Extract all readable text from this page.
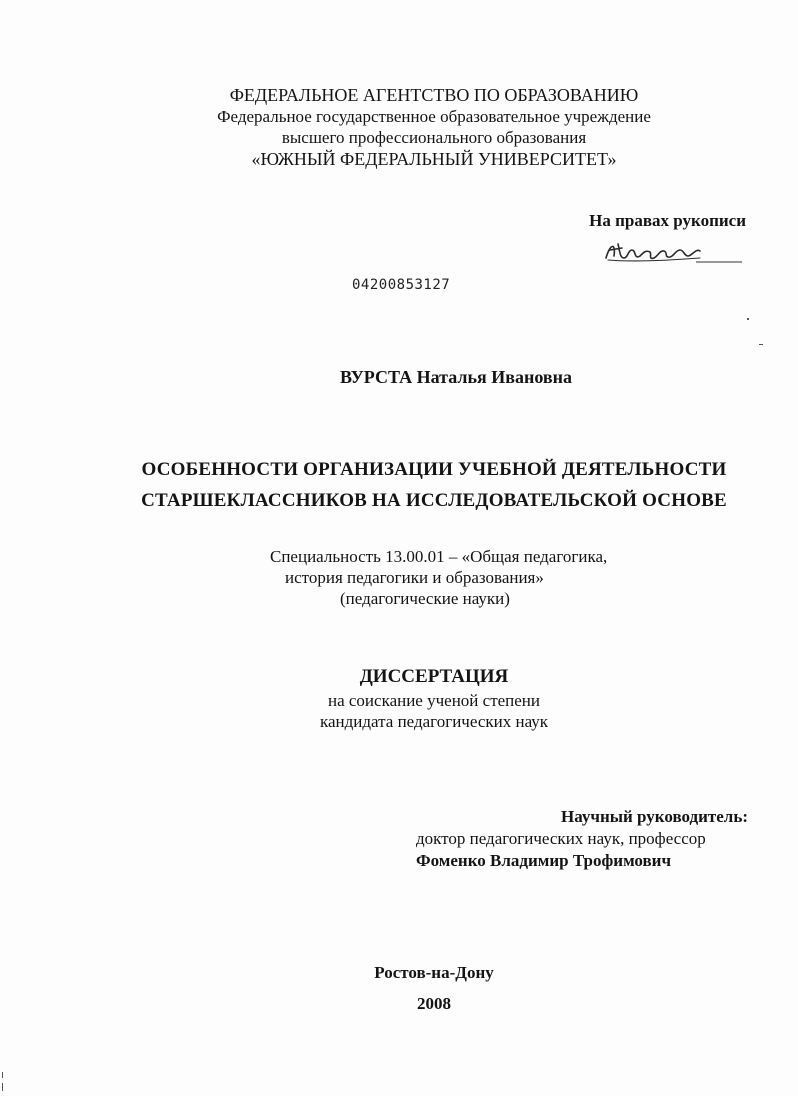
ФЕДЕРАЛЬНОЕ АГЕНТСТВО ПО ОБРАЗОВАНИЮ
Федеральное государственное образовательное учреждение
высшего профессионального образования
«ЮЖНЫЙ ФЕДЕРАЛЬНЫЙ УНИВЕРСИТЕТ»
На правах рукописи
04200853127
ВУРСТА Наталья Ивановна
ОСОБЕННОСТИ ОРГАНИЗАЦИИ УЧЕБНОЙ ДЕЯТЕЛЬНОСТИ
СТАРШЕКЛАССНИКОВ НА ИССЛЕДОВАТЕЛЬСКОЙ ОСНОВЕ
Специальность 13.00.01 – «Общая педагогика,
история педагогики и образования»
(педагогические науки)
ДИССЕРТАЦИЯ
на соискание ученой степени
кандидата педагогических наук
Научный руководитель:
доктор педагогических наук, профессор
Фоменко Владимир Трофимович
Ростов-на-Дону
2008
